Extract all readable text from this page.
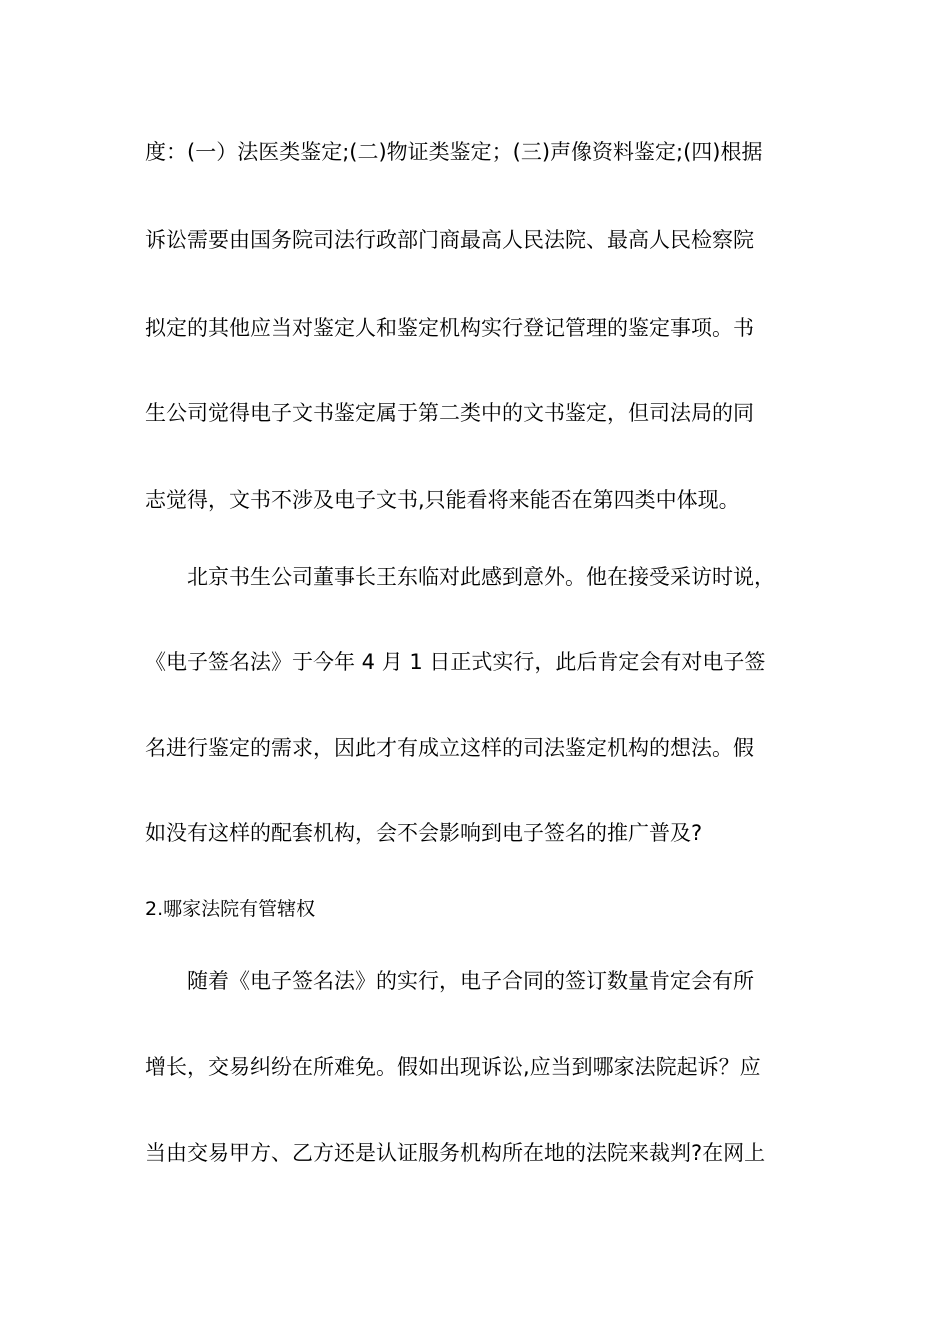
度：(一）法医类鉴定;(二)物证类鉴定；(三)声像资料鉴定;(四)根据
诉讼需要由国务院司法行政部门商最高人民法院、最高人民检察院
拟定的其他应当对鉴定人和鉴定机构实行登记管理的鉴定事项。书
生公司觉得电子文书鉴定属于第二类中的文书鉴定，但司法局的同
志觉得，文书不涉及电子文书,只能看将来能否在第四类中体现。
北京书生公司董事长王东临对此感到意外。他在接受采访时说，
《电子签名法》于今年 4 月 1 日正式实行，此后肯定会有对电子签
名进行鉴定的需求，因此才有成立这样的司法鉴定机构的想法。假
如没有这样的配套机构，会不会影响到电子签名的推广普及?
2.哪家法院有管辖权
随着《电子签名法》的实行，电子合同的签订数量肯定会有所
增长，交易纠纷在所难免。假如出现诉讼,应当到哪家法院起诉？应
当由交易甲方、乙方还是认证服务机构所在地的法院来裁判?在网上
